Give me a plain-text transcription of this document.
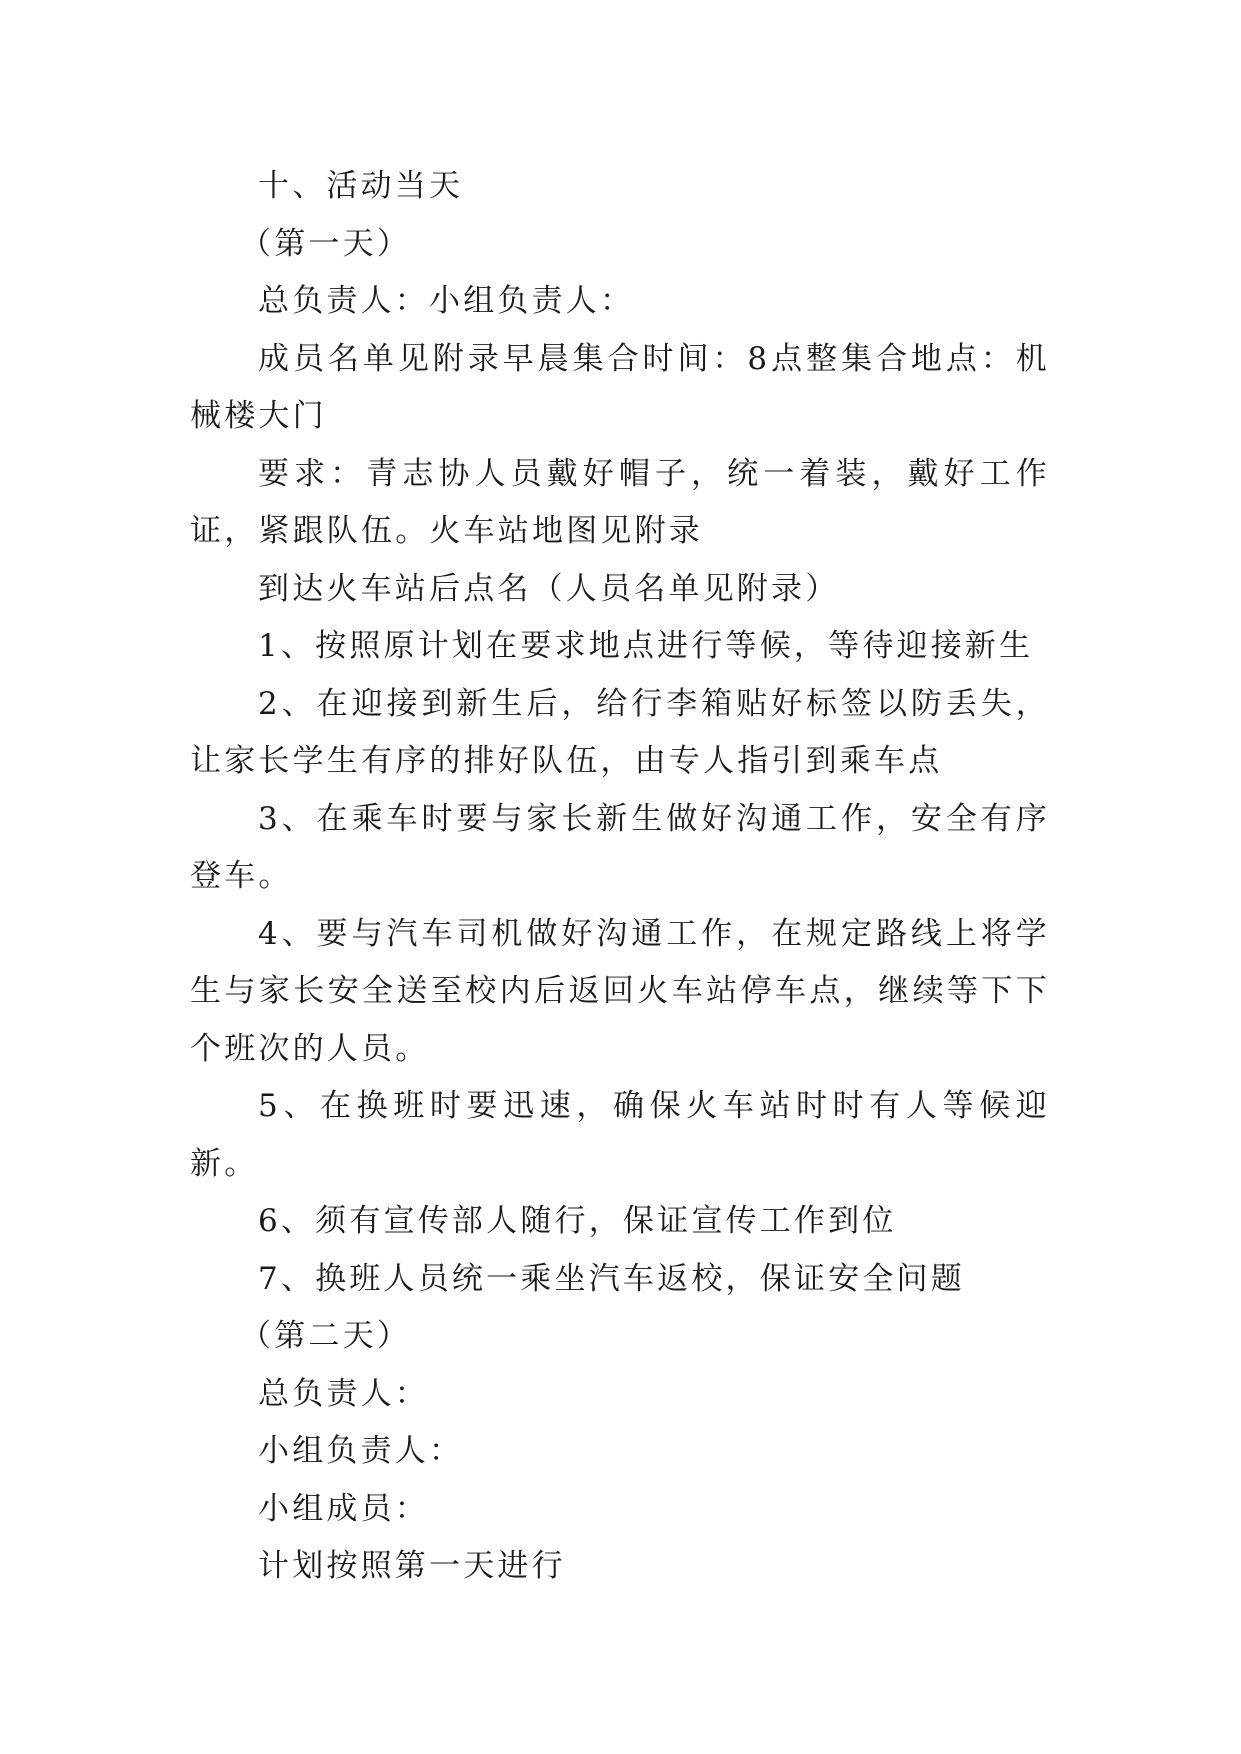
十、活动当天

（第一天）

总负责人：小组负责人：

成员名单见附录早晨集合时间：8点整集合地点：机械楼大门

要求：青志协人员戴好帽子，统一着装，戴好工作证，紧跟队伍。火车站地图见附录

到达火车站后点名（人员名单见附录）

1、按照原计划在要求地点进行等候，等待迎接新生

2、在迎接到新生后，给行李箱贴好标签以防丢失，让家长学生有序的排好队伍，由专人指引到乘车点

3、在乘车时要与家长新生做好沟通工作，安全有序登车。

4、要与汽车司机做好沟通工作，在规定路线上将学生与家长安全送至校内后返回火车站停车点，继续等下下个班次的人员。

5、在换班时要迅速，确保火车站时时有人等候迎新。

6、须有宣传部人随行，保证宣传工作到位

7、换班人员统一乘坐汽车返校，保证安全问题

（第二天）

总负责人：

小组负责人：

小组成员：

计划按照第一天进行
